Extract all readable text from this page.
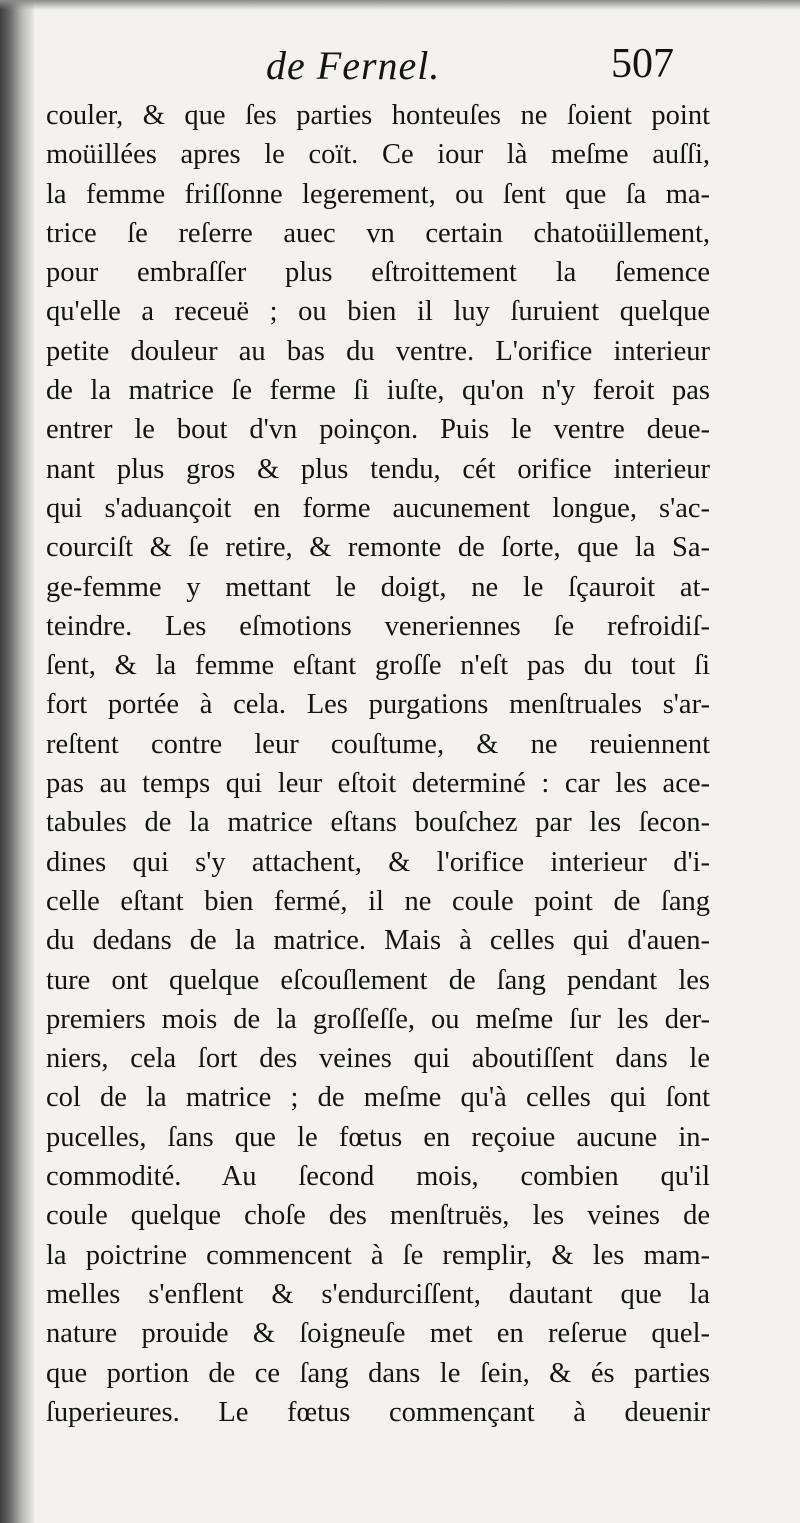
de Fernel.	507
couler, & que ſes parties honteuſes ne ſoient point
moüillées apres le coït. Ce iour là meſme auſſi,
la femme friſſonne legerement, ou ſent que ſa ma-
trice ſe reſerre auec vn certain chatoüillement,
pour embraſſer plus eſtroittement la ſemence
qu'elle a receuë ; ou bien il luy ſuruient quelque
petite douleur au bas du ventre. L'orifice interieur
de la matrice ſe ferme ſi iuſte, qu'on n'y feroit pas
entrer le bout d'vn poinçon. Puis le ventre deue-
nant plus gros & plus tendu, cét orifice interieur
qui s'aduançoit en forme aucunement longue, s'ac-
courciſt & ſe retire, & remonte de ſorte, que la Sa-
ge-femme y mettant le doigt, ne le ſçauroit at-
teindre. Les eſmotions veneriennes ſe refroidiſ-
ſent, & la femme eſtant groſſe n'eſt pas du tout ſi
fort portée à cela. Les purgations menſtruales s'ar-
reſtent contre leur couſtume, & ne reuiennent
pas au temps qui leur eſtoit determiné : car les ace-
tabules de la matrice eſtans bouſchez par les ſecon-
dines qui s'y attachent, & l'orifice interieur d'i-
celle eſtant bien fermé, il ne coule point de ſang
du dedans de la matrice. Mais à celles qui d'auen-
ture ont quelque eſcouſlement de ſang pendant les
premiers mois de la groſſeſſe, ou meſme ſur les der-
niers, cela ſort des veines qui aboutiſſent dans le
col de la matrice ; de meſme qu'à celles qui ſont
pucelles, ſans que le fœtus en reçoiue aucune in-
commodité. Au ſecond mois, combien qu'il
coule quelque choſe des menſtruës, les veines de
la poictrine commencent à ſe remplir, & les mam-
melles s'enflent & s'endurciſſent, dautant que la
nature prouide & ſoigneuſe met en reſerue quel-
que portion de ce ſang dans le ſein, & és parties
ſuperieures. Le fœtus commençant à deuenir
